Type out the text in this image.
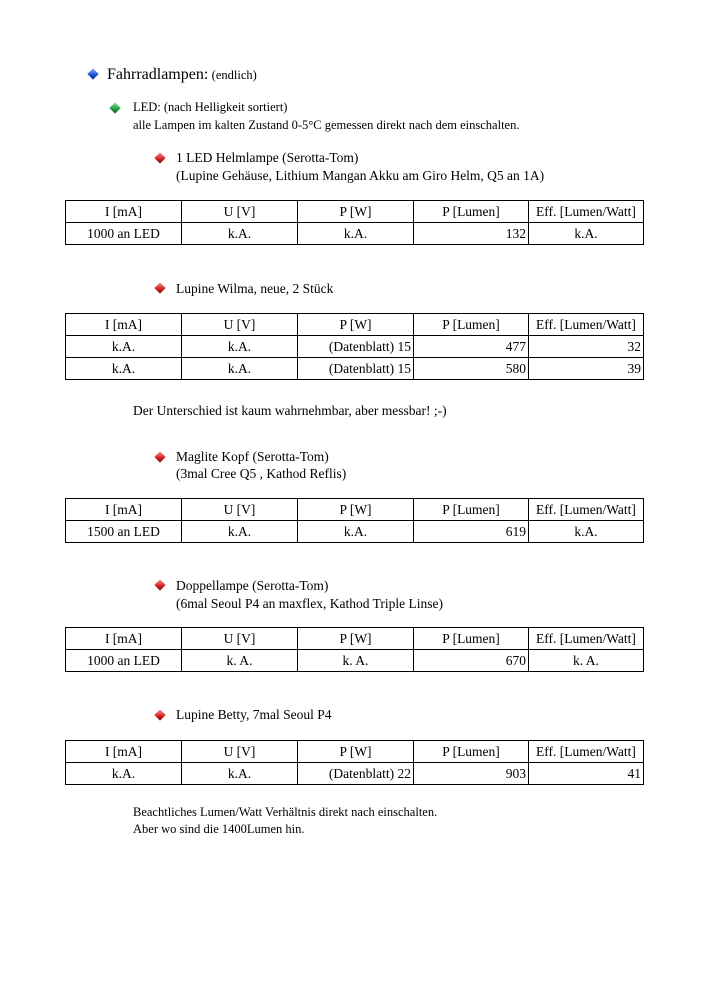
Fahrradlampen: (endlich)
LED: (nach Helligkeit sortiert)
alle Lampen im kalten Zustand 0-5°C gemessen direkt nach dem einschalten.
1 LED Helmlampe (Serotta-Tom)
(Lupine Gehäuse, Lithium Mangan Akku am Giro Helm, Q5 an 1A)
I [mA]	U [V]	P [W]	P [Lumen]	Eff. [Lumen/Watt]
1000 an LED	k.A.	k.A.	132	k.A.
Lupine Wilma, neue, 2 Stück
I [mA]	U [V]	P [W]	P [Lumen]	Eff. [Lumen/Watt]
k.A.	k.A.	(Datenblatt) 15	477	32
k.A.	k.A.	(Datenblatt) 15	580	39
Der Unterschied ist kaum wahrnehmbar, aber messbar! ;-)
Maglite Kopf (Serotta-Tom)
(3mal Cree Q5 , Kathod Reflis)
I [mA]	U [V]	P [W]	P [Lumen]	Eff. [Lumen/Watt]
1500 an LED	k.A.	k.A.	619	k.A.
Doppellampe (Serotta-Tom)
(6mal Seoul P4 an maxflex, Kathod Triple Linse)
I [mA]	U [V]	P [W]	P [Lumen]	Eff. [Lumen/Watt]
1000 an LED	k. A.	k. A.	670	k. A.
Lupine Betty, 7mal Seoul P4
I [mA]	U [V]	P [W]	P [Lumen]	Eff. [Lumen/Watt]
k.A.	k.A.	(Datenblatt) 22	903	41
Beachtliches Lumen/Watt Verhältnis direkt nach einschalten.
Aber wo sind die 1400Lumen hin.
